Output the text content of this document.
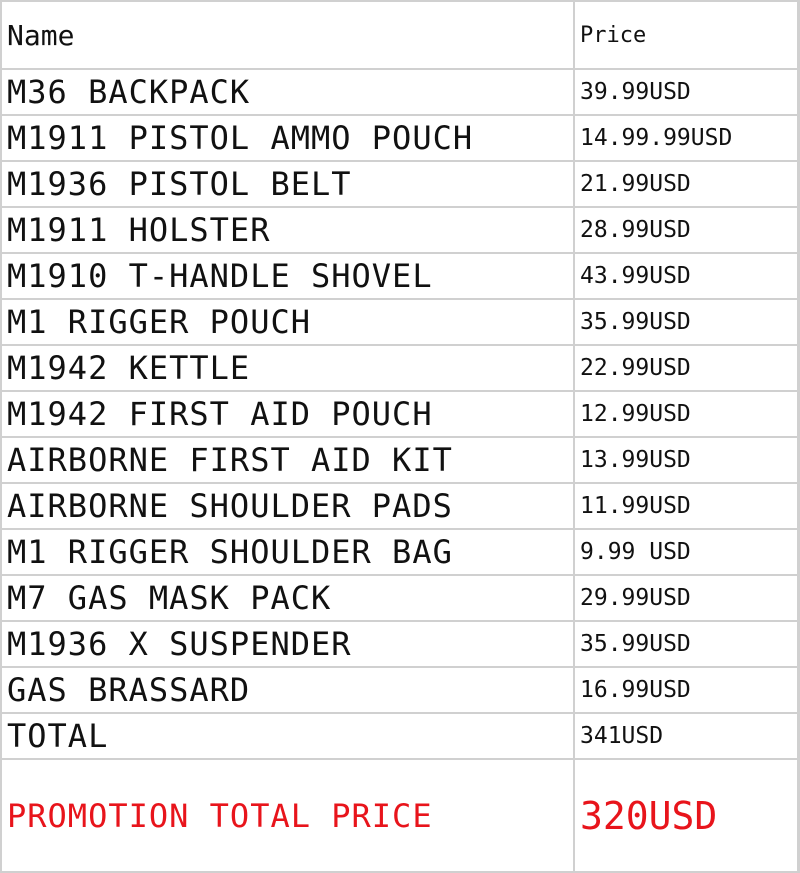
Name	Price
M36 BACKPACK	39.99USD
M1911 PISTOL AMMO POUCH	14.99.99USD
M1936 PISTOL BELT	21.99USD
M1911 HOLSTER	28.99USD
M1910 T-HANDLE SHOVEL	43.99USD
M1 RIGGER POUCH	35.99USD
M1942 KETTLE	22.99USD
M1942 FIRST AID POUCH	12.99USD
AIRBORNE FIRST AID KIT	13.99USD
AIRBORNE SHOULDER PADS	11.99USD
M1 RIGGER SHOULDER BAG	9.99 USD
M7 GAS MASK PACK	29.99USD
M1936 X SUSPENDER	35.99USD
GAS BRASSARD	16.99USD
TOTAL	341USD
PROMOTION TOTAL PRICE	320USD
